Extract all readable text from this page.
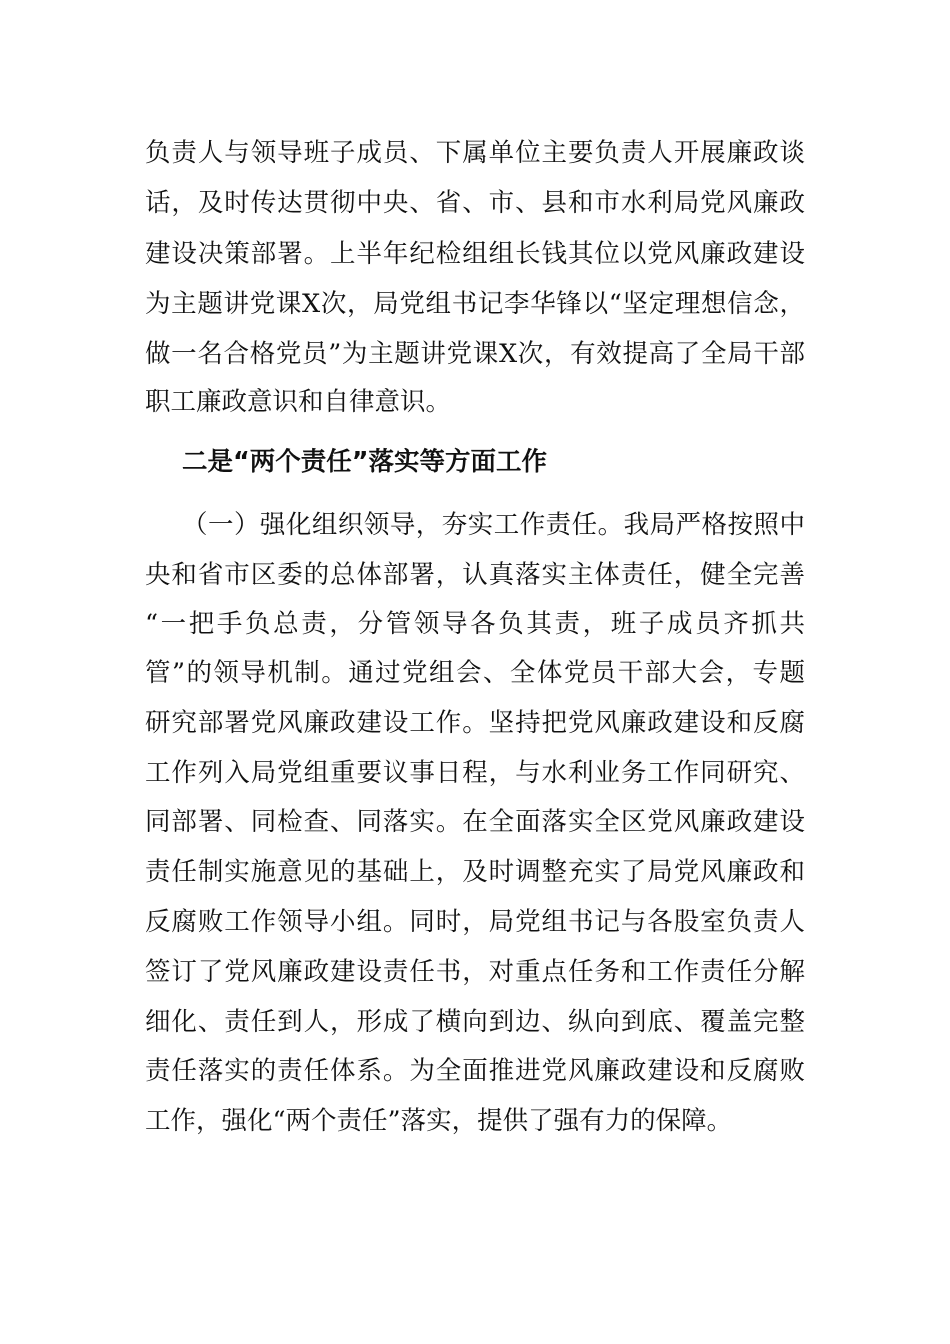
负责人与领导班子成员、下属单位主要负责人开展廉政谈
话，及时传达贯彻中央、省、市、县和市水利局党风廉政
建设决策部署。上半年纪检组组长钱其位以党风廉政建设
为主题讲党课X次，局党组书记李华锋以“坚定理想信念，
做一名合格党员”为主题讲党课X次，有效提高了全局干部
职工廉政意识和自律意识。
二是“两个责任”落实等方面工作
（一）强化组织领导，夯实工作责任。我局严格按照中
央和省市区委的总体部署，认真落实主体责任，健全完善
“一把手负总责，分管领导各负其责，班子成员齐抓共
管”的领导机制。通过党组会、全体党员干部大会，专题
研究部署党风廉政建设工作。坚持把党风廉政建设和反腐
工作列入局党组重要议事日程，与水利业务工作同研究、
同部署、同检查、同落实。在全面落实全区党风廉政建设
责任制实施意见的基础上，及时调整充实了局党风廉政和
反腐败工作领导小组。同时，局党组书记与各股室负责人
签订了党风廉政建设责任书，对重点任务和工作责任分解
细化、责任到人，形成了横向到边、纵向到底、覆盖完整
责任落实的责任体系。为全面推进党风廉政建设和反腐败
工作，强化“两个责任”落实，提供了强有力的保障。
